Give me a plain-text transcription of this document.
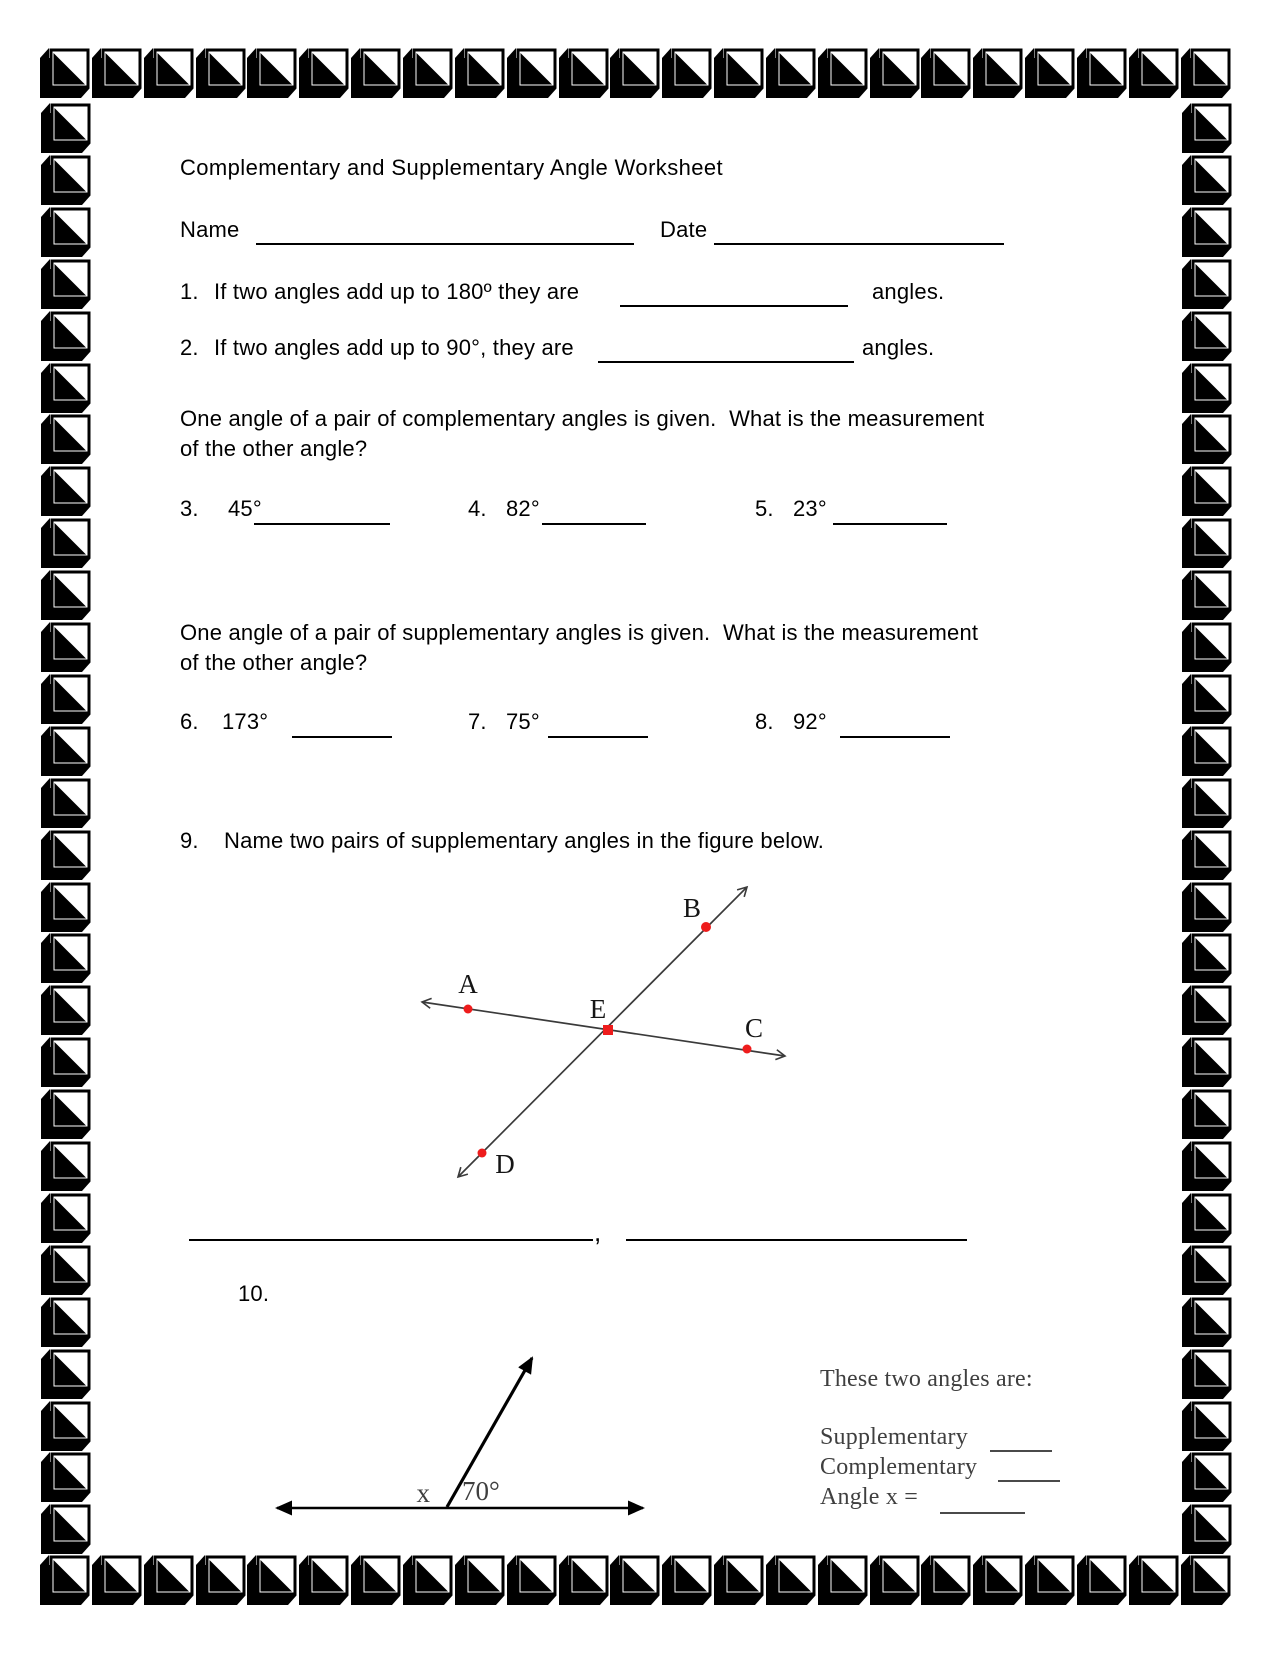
Complementary and Supplementary Angle Worksheet
Name	Date
1. If two angles add up to 180º they are	angles.
2. If two angles add up to 90°, they are	angles.
One angle of a pair of complementary angles is given.  What is the measurement
of the other angle?
3. 45°	4. 82°	5. 23°
One angle of a pair of supplementary angles is given.  What is the measurement
of the other angle?
6. 173°	7. 75°	8. 92°
9. Name two pairs of supplementary angles in the figure below.
A
B
C
D
E
,
10.
x 70°
These two angles are:
Supplementary
Complementary
Angle x =
